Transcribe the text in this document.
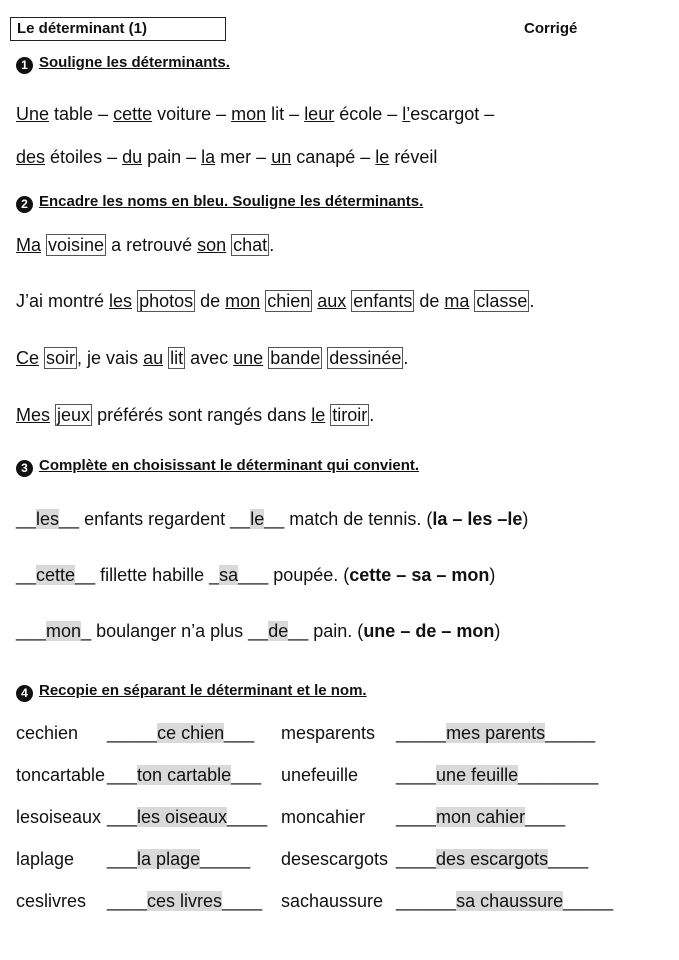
Le déterminant (1)	Corrigé
1 Souligne les déterminants.
Une table – cette voiture – mon lit – leur école – l’escargot –
des étoiles – du pain – la mer – un canapé – le réveil
2 Encadre les noms en bleu. Souligne les déterminants.
Ma voisine a retrouvé son chat .
J’ai montré les photos de mon chien aux enfants de ma classe .
Ce soir , je vais au lit avec une bande dessinée .
Mes jeux préférés sont rangés dans le tiroir .
3 Complète en choisissant le déterminant qui convient.
__les__ enfants regardent __le__ match de tennis. (la – les –le)
__cette__ fillette habille _sa___ poupée. (cette – sa – mon)
___mon_ boulanger n’a plus __de__ pain. (une – de – mon)
4 Recopie en séparant le déterminant et le nom.
cechien _____ce chien___ mesparents _____mes parents_____
toncartable ___ton cartable___ unefeuille ____une feuille________
lesoiseaux ___les oiseaux____ moncahier ____mon cahier____
laplage ___la plage_____ desescargots ____des escargots____
ceslivres ____ces livres____ sachaussure ______sa chaussure_____
